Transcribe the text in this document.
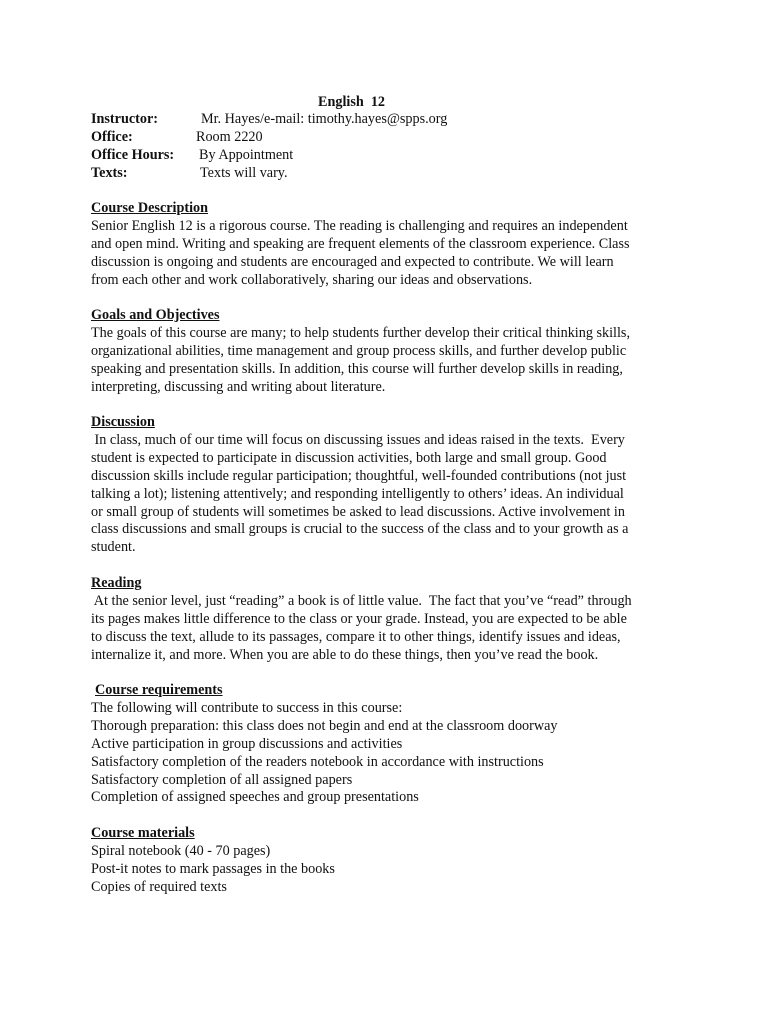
English  12
Instructor:	Mr. Hayes/e-mail: timothy.hayes@spps.org
Office:	Room 2220
Office Hours: By Appointment
Texts:	Texts will vary.
Course Description
Senior English 12 is a rigorous course. The reading is challenging and requires an independent
and open mind. Writing and speaking are frequent elements of the classroom experience. Class
discussion is ongoing and students are encouraged and expected to contribute. We will learn
from each other and work collaboratively, sharing our ideas and observations.
Goals and Objectives
The goals of this course are many; to help students further develop their critical thinking skills,
organizational abilities, time management and group process skills, and further develop public
speaking and presentation skills. In addition, this course will further develop skills in reading,
interpreting, discussing and writing about literature.
Discussion
In class, much of our time will focus on discussing issues and ideas raised in the texts.  Every
student is expected to participate in discussion activities, both large and small group. Good
discussion skills include regular participation; thoughtful, well-founded contributions (not just
talking a lot); listening attentively; and responding intelligently to others’ ideas. An individual
or small group of students will sometimes be asked to lead discussions. Active involvement in
class discussions and small groups is crucial to the success of the class and to your growth as a
student.
Reading
At the senior level, just “reading” a book is of little value.  The fact that you’ve “read” through
its pages makes little difference to the class or your grade. Instead, you are expected to be able
to discuss the text, allude to its passages, compare it to other things, identify issues and ideas,
internalize it, and more. When you are able to do these things, then you’ve read the book.
Course requirements
The following will contribute to success in this course:
Thorough preparation: this class does not begin and end at the classroom doorway
Active participation in group discussions and activities
Satisfactory completion of the readers notebook in accordance with instructions
Satisfactory completion of all assigned papers
Completion of assigned speeches and group presentations
Course materials
Spiral notebook (40 - 70 pages)
Post-it notes to mark passages in the books
Copies of required texts
